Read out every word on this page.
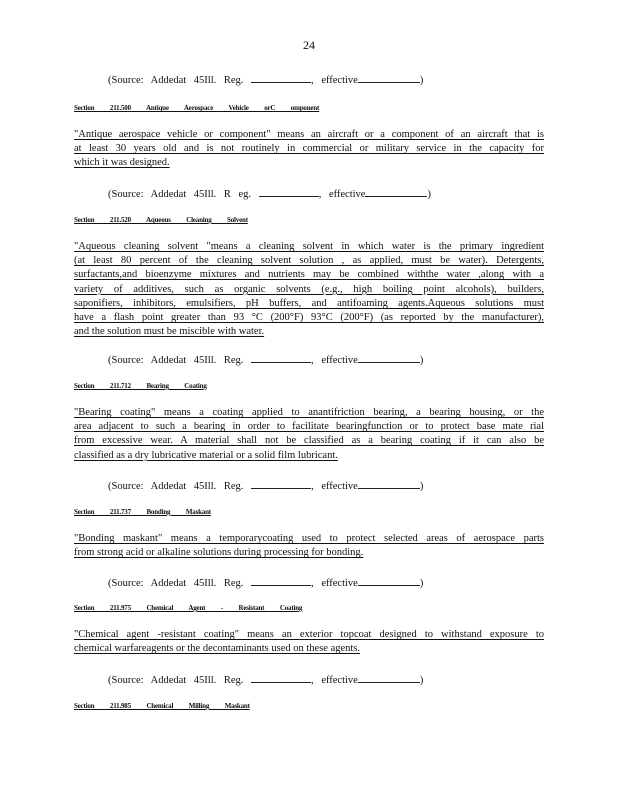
24
(Source: Addedat 45Ill. Reg.	, effective	)
Section 211.500 Antique Aerospace Vehicle orC omponent
"Antique aerospace vehicle or component" means an aircraft or a component of an aircraft that is
at least 30 years old and is not routinely in commercial or military service in the capacity for
which it was designed.
(Source: Addedat 45Ill. R eg.	, effective	)
Section 211.520 Aqueous Cleaning Solvent
"Aqueous cleaning solvent "means a cleaning solvent in which water is the primary ingredient
(at least 80 percent of the cleaning solvent solution , as applied, must be water). Detergents,
surfactants,and bioenzyme mixtures and nutrients may be combined withthe water ,along with a
variety of additives, such as organic solvents (e.g., high boiling point alcohols), builders,
saponifiers, inhibitors, emulsifiers, pH buffers, and antifoaming agents.Aqueous solutions must
have a flash point greater than 93 °C (200°F) 93°C (200°F) (as reported by the manufacturer),
and the solution must be miscible with water.
(Source: Addedat 45Ill. Reg.	, effective	)
Section 211.712 Bearing Coating
"Bearing coating" means a coating applied to anantifriction bearing, a bearing housing, or the
area adjacent to such a bearing in order to facilitate bearingfunction or to protect base mate rial
from excessive wear. A material shall not be classified as a bearing coating if it can also be
classified as a dry lubricative material or a solid film lubricant.
(Source: Addedat 45Ill. Reg.	, effective	)
Section 211.737 Bonding Maskant
"Bonding maskant" means a temporarycoating used to protect selected areas of aerospace parts
from strong acid or alkaline solutions during processing for bonding.
(Source: Addedat 45Ill. Reg.	, effective	)
Section 211.975 Chemical Agent - Resistant Coating
"Chemical agent -resistant coating" means an exterior topcoat designed to withstand exposure to
chemical warfareagents or the decontaminants used on these agents.
(Source: Addedat 45Ill. Reg.	, effective	)
Section 211.985 Chemical Milling Maskant
